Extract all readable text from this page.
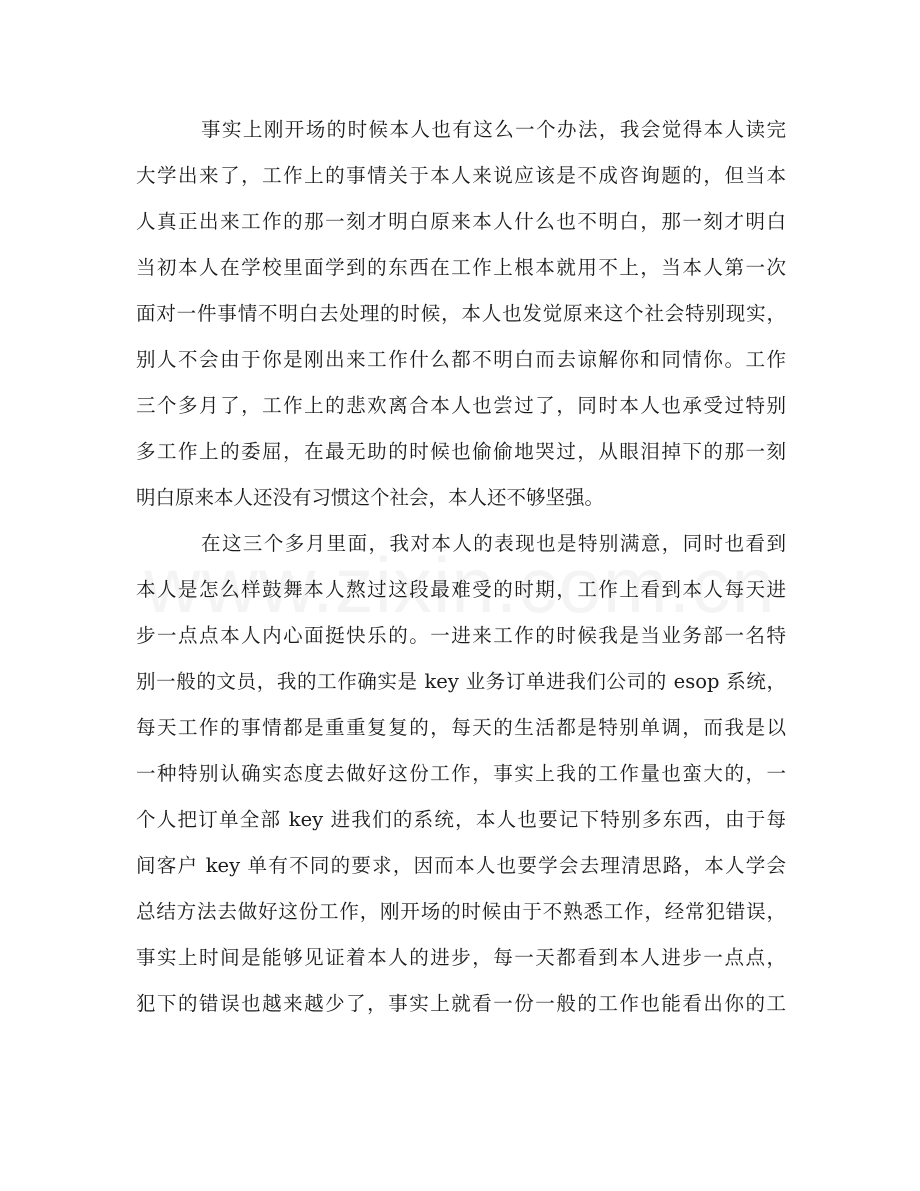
事实上刚开场的时候本人也有这么一个办法，我会觉得本人读完
大学出来了，工作上的事情关于本人来说应该是不成咨询题的，但当本
人真正出来工作的那一刻才明白原来本人什么也不明白，那一刻才明白
当初本人在学校里面学到的东西在工作上根本就用不上，当本人第一次
面对一件事情不明白去处理的时候，本人也发觉原来这个社会特别现实，
别人不会由于你是刚出来工作什么都不明白而去谅解你和同情你。工作
三个多月了，工作上的悲欢离合本人也尝过了，同时本人也承受过特别
多工作上的委屈，在最无助的时候也偷偷地哭过，从眼泪掉下的那一刻
明白原来本人还没有习惯这个社会，本人还不够坚强。
在这三个多月里面，我对本人的表现也是特别满意，同时也看到
本人是怎么样鼓舞本人熬过这段最难受的时期，工作上看到本人每天进
步一点点本人内心面挺快乐的。一进来工作的时候我是当业务部一名特
别一般的文员，我的工作确实是 key 业务订单进我们公司的 esop 系统，
每天工作的事情都是重重复复的，每天的生活都是特别单调，而我是以
一种特别认确实态度去做好这份工作，事实上我的工作量也蛮大的，一
个人把订单全部 key 进我们的系统，本人也要记下特别多东西，由于每
间客户 key 单有不同的要求，因而本人也要学会去理清思路，本人学会
总结方法去做好这份工作，刚开场的时候由于不熟悉工作，经常犯错误，
事实上时间是能够见证着本人的进步，每一天都看到本人进步一点点，
犯下的错误也越来越少了，事实上就看一份一般的工作也能看出你的工
